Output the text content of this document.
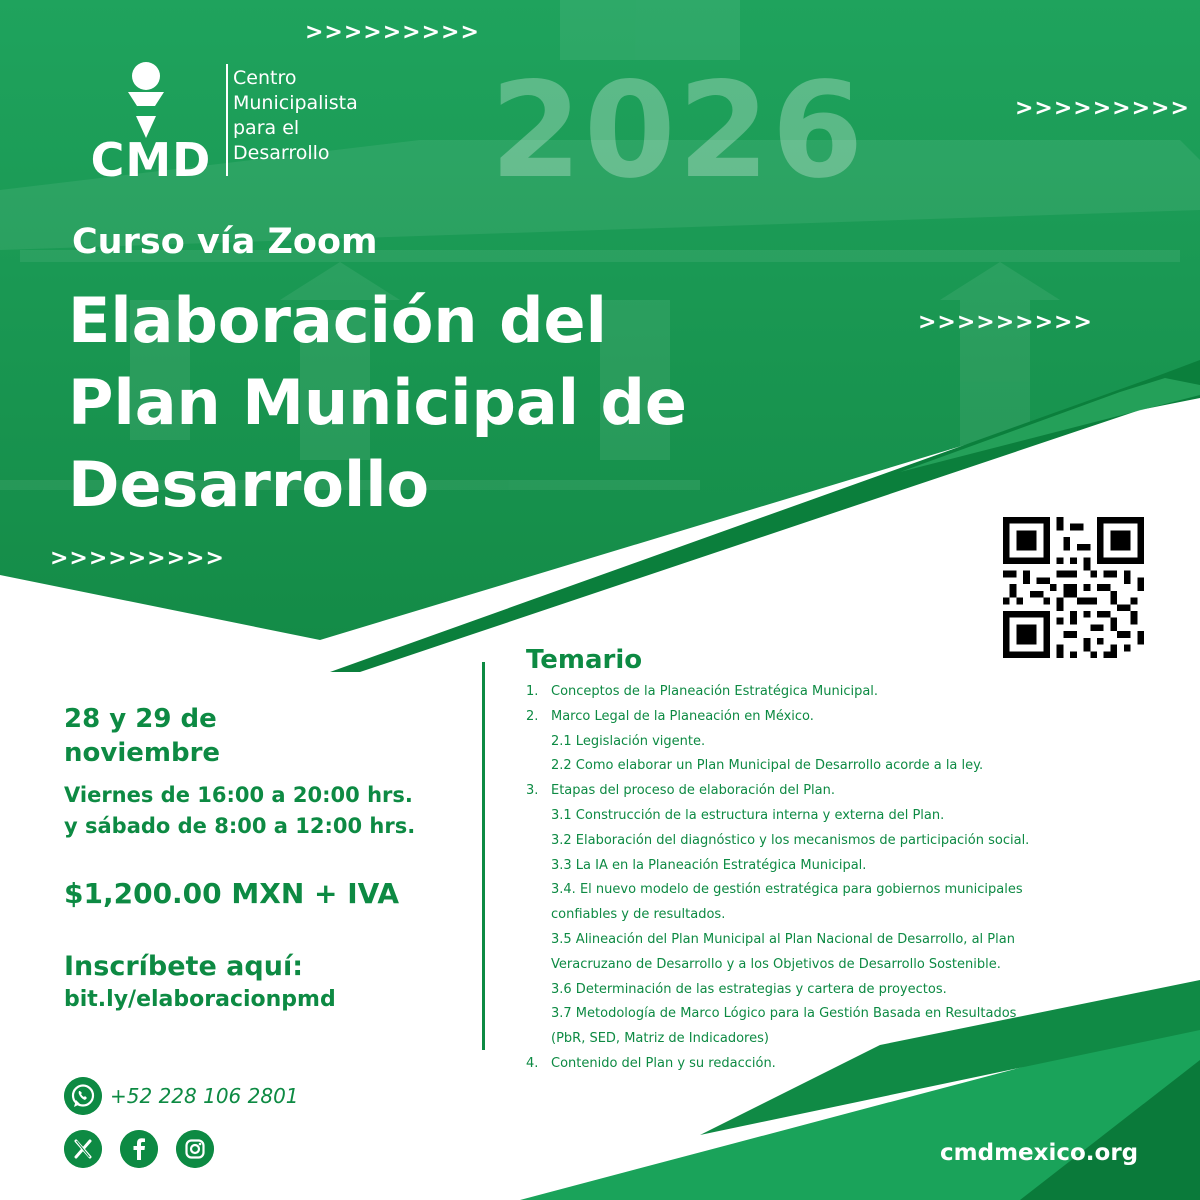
>>>>>>>>>
>>>>>>>>>
>>>>>>>>>
>>>>>>>>>
2026
CMD
Centro
Municipalista
para el
Desarrollo
Curso vía Zoom
Elaboración del
Plan Municipal de
Desarrollo
28 y 29 de
noviembre
Viernes de 16:00 a 20:00 hrs.
y sábado de 8:00 a 12:00 hrs.
$1,200.00 MXN + IVA
Inscríbete aquí:
bit.ly/elaboracionpmd
Temario
1. Conceptos de la Planeación Estratégica Municipal.
2. Marco Legal de la Planeación en México.
2.1 Legislación vigente.
2.2 Como elaborar un Plan Municipal de Desarrollo acorde a la ley.
3. Etapas del proceso de elaboración del Plan.
3.1 Construcción de la estructura interna y externa del Plan.
3.2 Elaboración del diagnóstico y los mecanismos de participación social.
3.3 La IA en la Planeación Estratégica Municipal.
3.4. El nuevo modelo de gestión estratégica para gobiernos municipales
confiables y de resultados.
3.5 Alineación del Plan Municipal al Plan Nacional de Desarrollo, al Plan
Veracruzano de Desarrollo y a los Objetivos de Desarrollo Sostenible.
3.6 Determinación de las estrategias y cartera de proyectos.
3.7 Metodología de Marco Lógico para la Gestión Basada en Resultados
(PbR, SED, Matriz de Indicadores)
4. Contenido del Plan y su redacción.
+52 228 106 2801
cmdmexico.org
